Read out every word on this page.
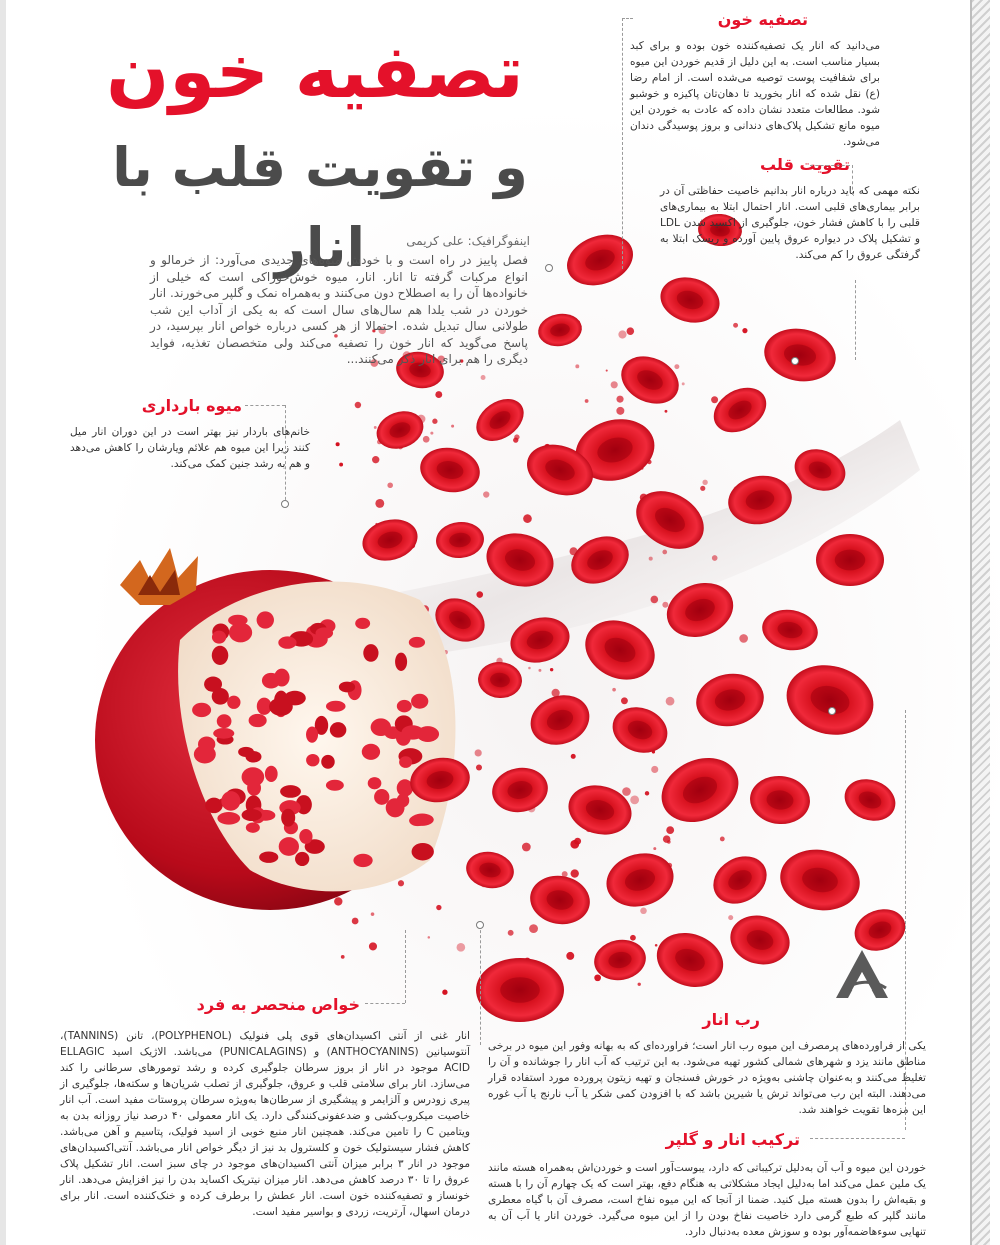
تصفیه خون
و تقویت قلب با انار	اینفوگرافیک: علی کریمی
فصل پاییز در راه است و با خودش میوه‌های جدیدی می‌آورد: از خرمالو و انواع مرکبات گرفته تا انار. انار، میوه خوش‌خوراکی است که خیلی از خانواده‌ها آن را به اصطلاح دون می‌کنند و به‌همراه نمک و گلپر می‌خورند. انار خوردن در شب یلدا هم سال‌های سال است که به یکی از آداب این شب طولانی سال تبدیل شده. احتمالا از هر کسی درباره خواص انار بپرسید، در پاسخ می‌گوید که انار خون را تصفیه می‌کند ولی متخصصان تغذیه، فواید دیگری را هم برای انار ذکر می‌کنند...
تصفیه خون
می‌دانید که انار یک تصفیه‌کننده خون بوده و برای کبد بسیار مناسب است. به این دلیل از قدیم خوردن این میوه برای شفافیت پوست توصیه می‌شده است. از امام رضا (ع) نقل شده که انار بخورید تا دهان‌تان پاکیزه و خوشبو شود. مطالعات متعدد نشان داده که عادت به خوردن این میوه مانع تشکیل پلاک‌های دندانی و بروز پوسیدگی دندان می‌شود.
تقویت قلب
نکته مهمی که باید درباره انار بدانیم خاصیت حفاظتی آن در برابر بیماری‌های قلبی است. انار احتمال ابتلا به بیماری‌های قلبی را با کاهش فشار خون، جلوگیری از اکسید شدن LDL و تشکیل پلاک در دیواره عروق پایین آورده و ریسک ابتلا به گرفتگی عروق را کم می‌کند.
میوه بارداری
خانم‌های باردار نیز بهتر است در این دوران انار میل کنند زیرا این میوه هم علائم ویارشان را کاهش می‌دهد و هم به رشد جنین کمک می‌کند.
خواص منحصر به فرد
انار غنی از آنتی اکسیدان‌های قوی پلی فنولیک (POLYPHENOL)، تانن (TANNINS)، آنتوسیانین (ANTHOCYANINS) و (PUNICALAGINS) می‌باشد. الاژیک اسید ELLAGIC ACID موجود در انار از بروز سرطان جلوگیری کرده و رشد تومورهای سرطانی را کند می‌سازد. انار برای سلامتی قلب و عروق، جلوگیری از تصلب شریان‌ها و سکته‌ها، جلوگیری از پیری زودرس و آلزایمر و پیشگیری از سرطان‌ها به‌ویژه سرطان پروستات مفید است. آب انار خاصیت میکروب‌کشی و ضدعفونی‌کنندگی دارد. یک انار معمولی ۴۰ درصد نیاز روزانه بدن به ویتامین C را تامین می‌کند. همچنین انار منبع خوبی از اسید فولیک، پتاسیم و آهن می‌باشد. کاهش فشار سیستولیک خون و کلسترول بد نیز از دیگر خواص انار می‌باشد. آنتی‌اکسیدان‌های موجود در انار ۳ برابر میزان آنتی اکسیدان‌های موجود در چای سبز است. انار تشکیل پلاک عروق را تا ۳۰ درصد کاهش می‌دهد. انار میزان نیتریک اکساید بدن را نیز افزایش می‌دهد. انار خونساز و تصفیه‌کننده خون است. انار عطش را برطرف کرده و خنک‌کننده است. انار برای درمان اسهال، آرتریت، زردی و بواسیر مفید است.
رب انار
یکی از فراورده‌های پرمصرف این میوه رب انار است؛ فراورده‌ای که به بهانه وفور این میوه در برخی مناطق مانند یزد و شهرهای شمالی کشور تهیه می‌شود. به این ترتیب که آب انار را جوشانده و آن را تغلیظ می‌کنند و به‌عنوان چاشنی به‌ویژه در خورش فسنجان و تهیه زیتون پرورده مورد استفاده قرار می‌دهند. البته این رب می‌تواند ترش یا شیرین باشد که با افزودن کمی شکر یا آب نارنج یا آب غوره این مزه‌ها تقویت خواهند شد.
ترکیب انار و گلپر
خوردن این میوه و آب آن به‌دلیل ترکیباتی که دارد، یبوست‌آور است و خوردن‌اش به‌همراه هسته مانند یک ملین عمل می‌کند اما به‌دلیل ایجاد مشکلاتی به هنگام دفع، بهتر است که یک چهارم آن را با هسته و بقیه‌اش را بدون هسته میل کنید. ضمنا از آنجا که این میوه نفاخ است، مصرف آن با گیاه معطری مانند گلپر که طبع گرمی دارد خاصیت نفاخ بودن را از این میوه می‌گیرد. خوردن انار یا آب آن به تنهایی سوءهاضمه‌آور بوده و سوزش معده به‌دنبال دارد.
